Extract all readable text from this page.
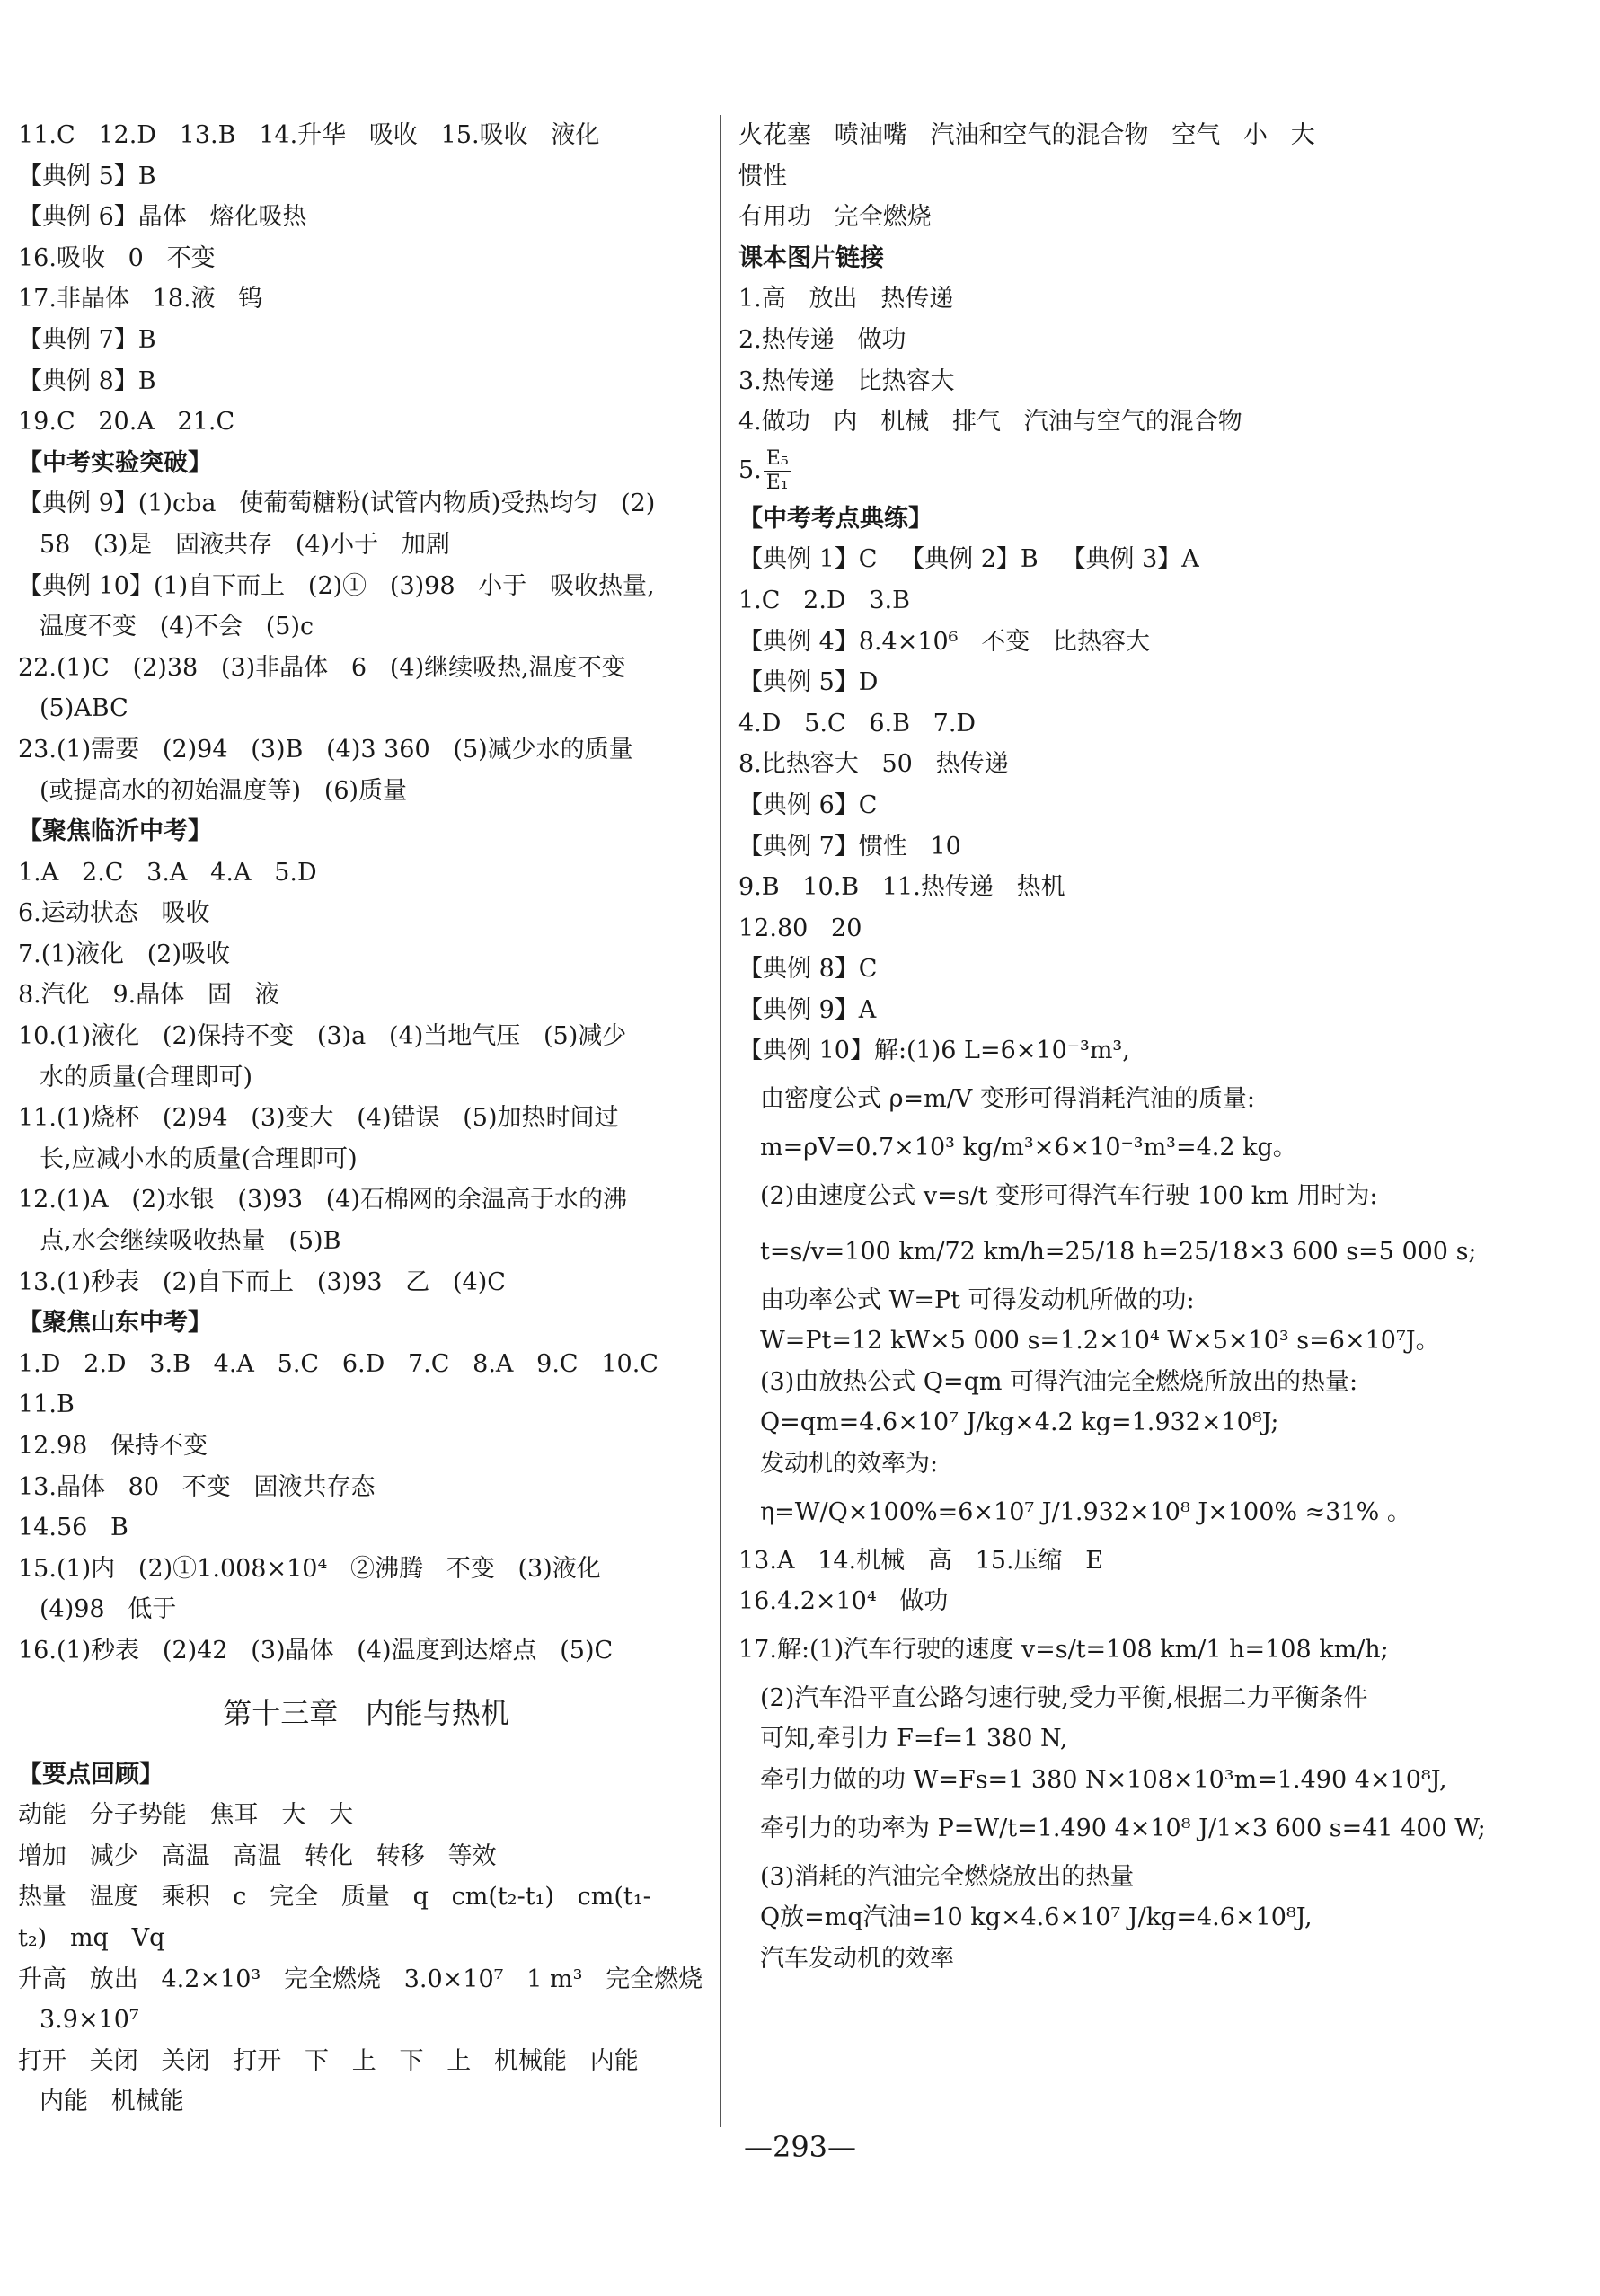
11.C   12.D   13.B   14.升华   吸收   15.吸收   液化
【典例 5】B
【典例 6】晶体   熔化吸热
16.吸收   0   不变
17.非晶体   18.液   钨
【典例 7】B
【典例 8】B
19.C   20.A   21.C
【中考实验突破】
【典例 9】(1)cba   使葡萄糖粉(试管内物质)受热均匀   (2)
58   (3)是   固液共存   (4)小于   加剧
【典例 10】(1)自下而上   (2)①   (3)98   小于   吸收热量,
温度不变   (4)不会   (5)c
22.(1)C   (2)38   (3)非晶体   6   (4)继续吸热,温度不变
(5)ABC
23.(1)需要   (2)94   (3)B   (4)3 360   (5)减少水的质量
(或提高水的初始温度等)   (6)质量
【聚焦临沂中考】
1.A   2.C   3.A   4.A   5.D
6.运动状态   吸收
7.(1)液化   (2)吸收
8.汽化   9.晶体   固   液
10.(1)液化   (2)保持不变   (3)a   (4)当地气压   (5)减少
水的质量(合理即可)
11.(1)烧杯   (2)94   (3)变大   (4)错误   (5)加热时间过
长,应减小水的质量(合理即可)
12.(1)A   (2)水银   (3)93   (4)石棉网的余温高于水的沸
点,水会继续吸收热量   (5)B
13.(1)秒表   (2)自下而上   (3)93   乙   (4)C
【聚焦山东中考】
1.D   2.D   3.B   4.A   5.C   6.D   7.C   8.A   9.C   10.C
11.B
12.98   保持不变
13.晶体   80   不变   固液共存态
14.56   B
15.(1)内   (2)①1.008×10⁴   ②沸腾   不变   (3)液化
(4)98   低于
16.(1)秒表   (2)42   (3)晶体   (4)温度到达熔点   (5)C
第十三章   内能与热机
【要点回顾】
动能   分子势能   焦耳   大   大
增加   减少   高温   高温   转化   转移   等效
热量   温度   乘积   c   完全   质量   q   cm(t₂-t₁)   cm(t₁-
t₂)   mq   Vq
升高   放出   4.2×10³   完全燃烧   3.0×10⁷   1 m³   完全燃烧
3.9×10⁷
打开   关闭   关闭   打开   下   上   下   上   机械能   内能
内能   机械能
火花塞   喷油嘴   汽油和空气的混合物   空气   小   大
惯性
有用功   完全燃烧
课本图片链接
1.高   放出   热传递
2.热传递   做功
3.热传递   比热容大
4.做功   内   机械   排气   汽油与空气的混合物
5. $\frac{\text{E₅}}{\text{E₁}}$
【中考考点典练】
【典例 1】C   【典例 2】B   【典例 3】A
1.C   2.D   3.B
【典例 4】8.4×10⁶   不变   比热容大
【典例 5】D
4.D   5.C   6.B   7.D
8.比热容大   50   热传递
【典例 6】C
【典例 7】惯性   10
9.B   10.B   11.热传递   热机
12.80   20
【典例 8】C
【典例 9】A
【典例 10】解:(1)6 L=6×10⁻³m³,
由密度公式 ρ=m/V 变形可得消耗汽油的质量:
m=ρV=0.7×10³ kg/m³×6×10⁻³m³=4.2 kg。
(2)由速度公式 v=s/t 变形可得汽车行驶 100 km 用时为:
t=s/v=100 km/72 km/h=25/18 h=25/18×3 600 s=5 000 s;
由功率公式 W=Pt 可得发动机所做的功:
W=Pt=12 kW×5 000 s=1.2×10⁴ W×5×10³ s=6×10⁷J。
(3)由放热公式 Q=qm 可得汽油完全燃烧所放出的热量:
Q=qm=4.6×10⁷ J/kg×4.2 kg=1.932×10⁸J;
发动机的效率为:
η=W/Q×100%=6×10⁷ J/1.932×10⁸ J×100% ≈31% 。
13.A   14.机械   高   15.压缩   E
16.4.2×10⁴   做功
17.解:(1)汽车行驶的速度 v=s/t=108 km/1 h=108 km/h;
(2)汽车沿平直公路匀速行驶,受力平衡,根据二力平衡条件
可知,牵引力 F=f=1 380 N,
牵引力做的功 W=Fs=1 380 N×108×10³m=1.490 4×10⁸J,
牵引力的功率为 P=W/t=1.490 4×10⁸ J/1×3 600 s=41 400 W;
(3)消耗的汽油完全燃烧放出的热量
Q放=mq汽油=10 kg×4.6×10⁷ J/kg=4.6×10⁸J,
汽车发动机的效率
—293—
